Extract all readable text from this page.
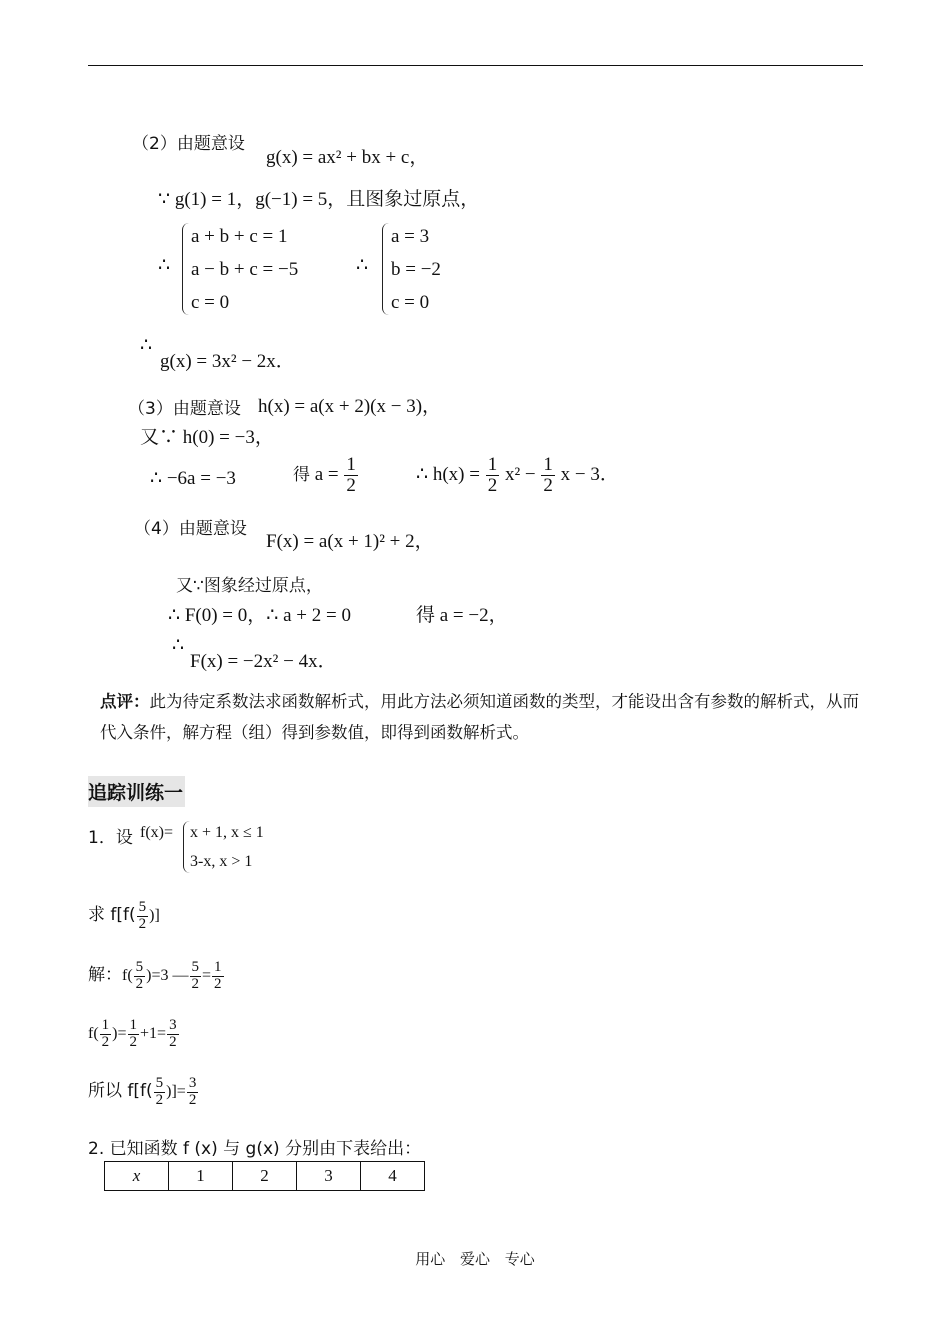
（2）由题意设
g(x) = ax² + bx + c，
∵ g(1) = 1，g(−1) = 5，且图象过原点，
∴
a + b + c = 1
a − b + c = −5
c = 0
∴
a = 3
b = −2
c = 0
∴
g(x) = 3x² − 2x．
（3）由题意设 h(x) = a(x + 2)(x − 3)，
又∵ h(0) = −3，
∴ −6a = −3	得 $a = \frac{1}{2}$	∴ $h(x) = \frac{1}{2} x^2 - \frac{1}{2}$ x − 3．
（4）由题意设
F(x) = a(x + 1)² + 2，
又∵图象经过原点，
∴ F(0) = 0，∴ a + 2 = 0	得 a = −2，
∴
F(x) = −2x² − 4x．
点评：此为待定系数法求函数解析式，用此方法必须知道函数的类型，才能设出含有参数的解析式，从而代入条件，解方程（组）得到参数值，即得到函数解析式。
追踪训练一
1．设 f(x)= x + 1, x ≤ 1
3-x, x > 1
求 $f[f( \frac{5}{2}$ )]
解：$f( \frac{5}{2} )=3$ — $\frac{5}{2} = \frac{1}{2}$
$f( \frac{1}{2}$ )= $\frac{1}{2} +1= \frac{3}{2}$
所以 $f[f( \frac{5}{2}$ )]= $\frac{3}{2}$
2. 已知函数 f (x) 与 g(x) 分别由下表给出：
x	1	2	3	4
用心 爱心 专心
